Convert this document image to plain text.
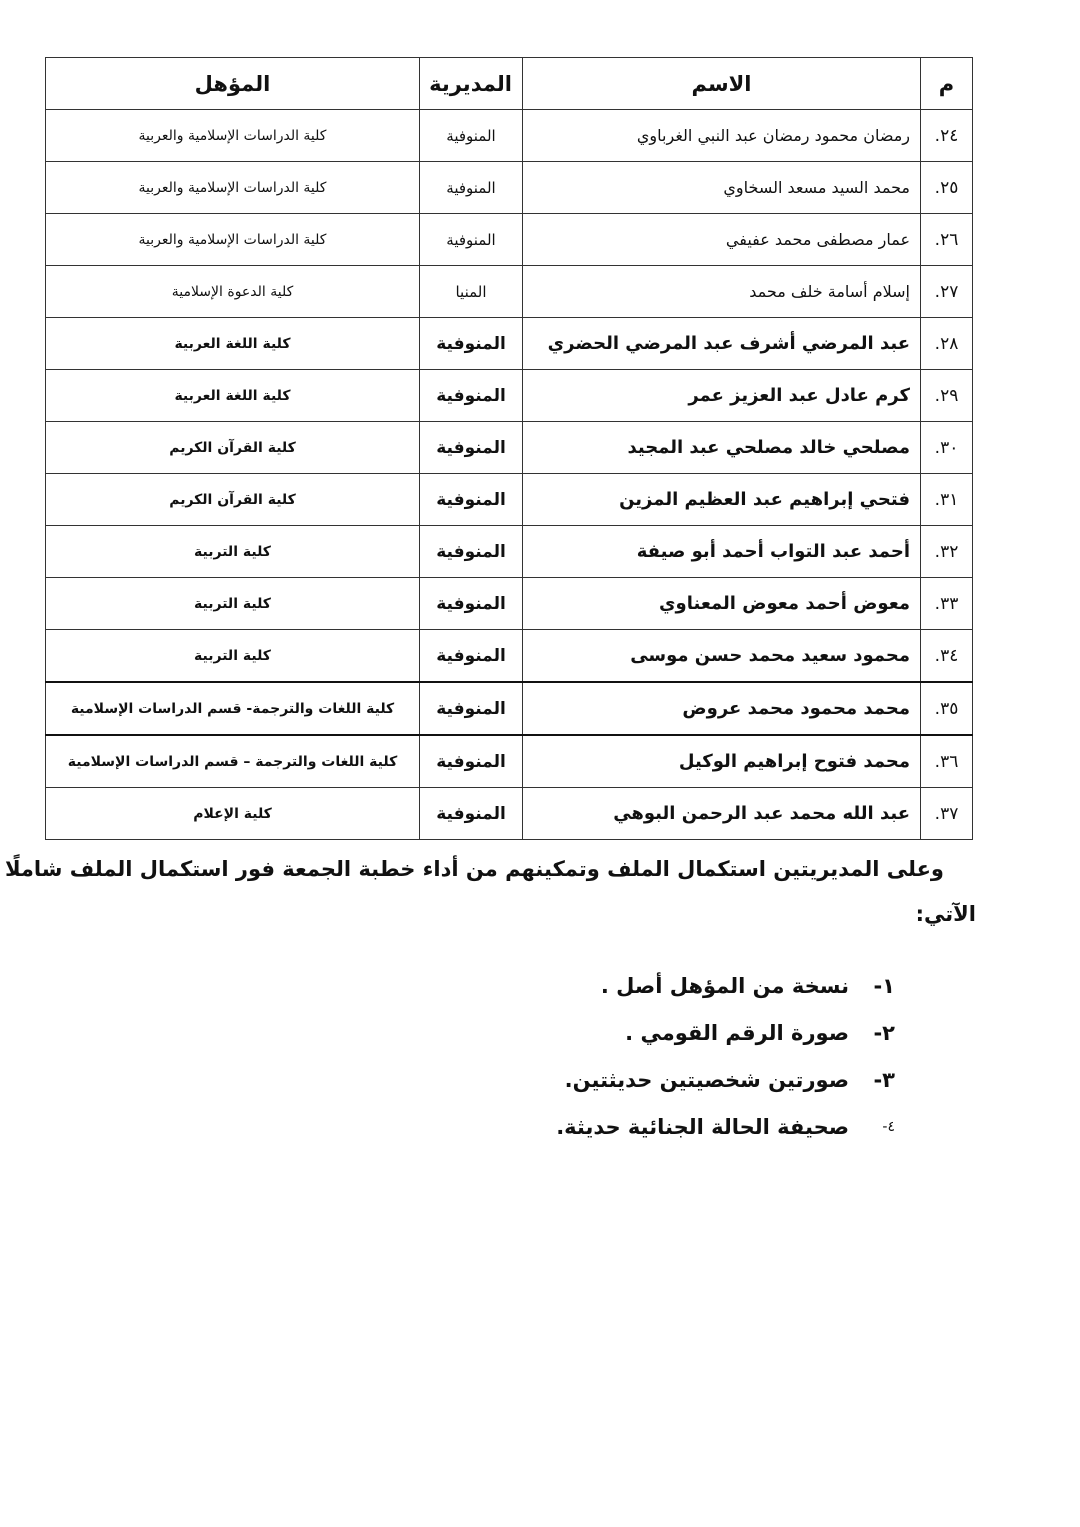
م	الاسم	المديرية	المؤهل
٢٤.	رمضان محمود رمضان عبد النبي الغرباوي	المنوفية	كلية الدراسات الإسلامية والعربية
٢٥.	محمد السيد مسعد السخاوي	المنوفية	كلية الدراسات الإسلامية والعربية
٢٦.	عمار مصطفى محمد عفيفي	المنوفية	كلية الدراسات الإسلامية والعربية
٢٧.	إسلام أسامة خلف محمد	المنيا	كلية الدعوة الإسلامية
٢٨.	عبد المرضي أشرف عبد المرضي الحضري	المنوفية	كلية اللغة العربية
٢٩.	كرم عادل عبد العزيز عمر	المنوفية	كلية اللغة العربية
٣٠.	مصلحي خالد مصلحي عبد المجيد	المنوفية	كلية القرآن الكريم
٣١.	فتحي إبراهيم عبد العظيم المزين	المنوفية	كلية القرآن الكريم
٣٢.	أحمد عبد التواب أحمد أبو صيفة	المنوفية	كلية التربية
٣٣.	معوض أحمد معوض المعناوي	المنوفية	كلية التربية
٣٤.	محمود سعيد محمد حسن موسى	المنوفية	كلية التربية
٣٥.	محمد محمود محمد عروض	المنوفية	كلية اللغات والترجمة- قسم الدراسات الإسلامية
٣٦.	محمد فتوح إبراهيم الوكيل	المنوفية	كلية اللغات والترجمة – قسم الدراسات الإسلامية
٣٧.	عبد الله محمد عبد الرحمن البوهي	المنوفية	كلية الإعلام
وعلى المديريتين استكمال الملف وتمكينهم من أداء خطبة الجمعة فور استكمال الملف شاملًا
الآتي:
١-
نسخة من المؤهل أصل .
٢-
صورة الرقم القومي .
٣-
صورتين شخصيتين حديثتين.
٤-
صحيفة الحالة الجنائية حديثة.
